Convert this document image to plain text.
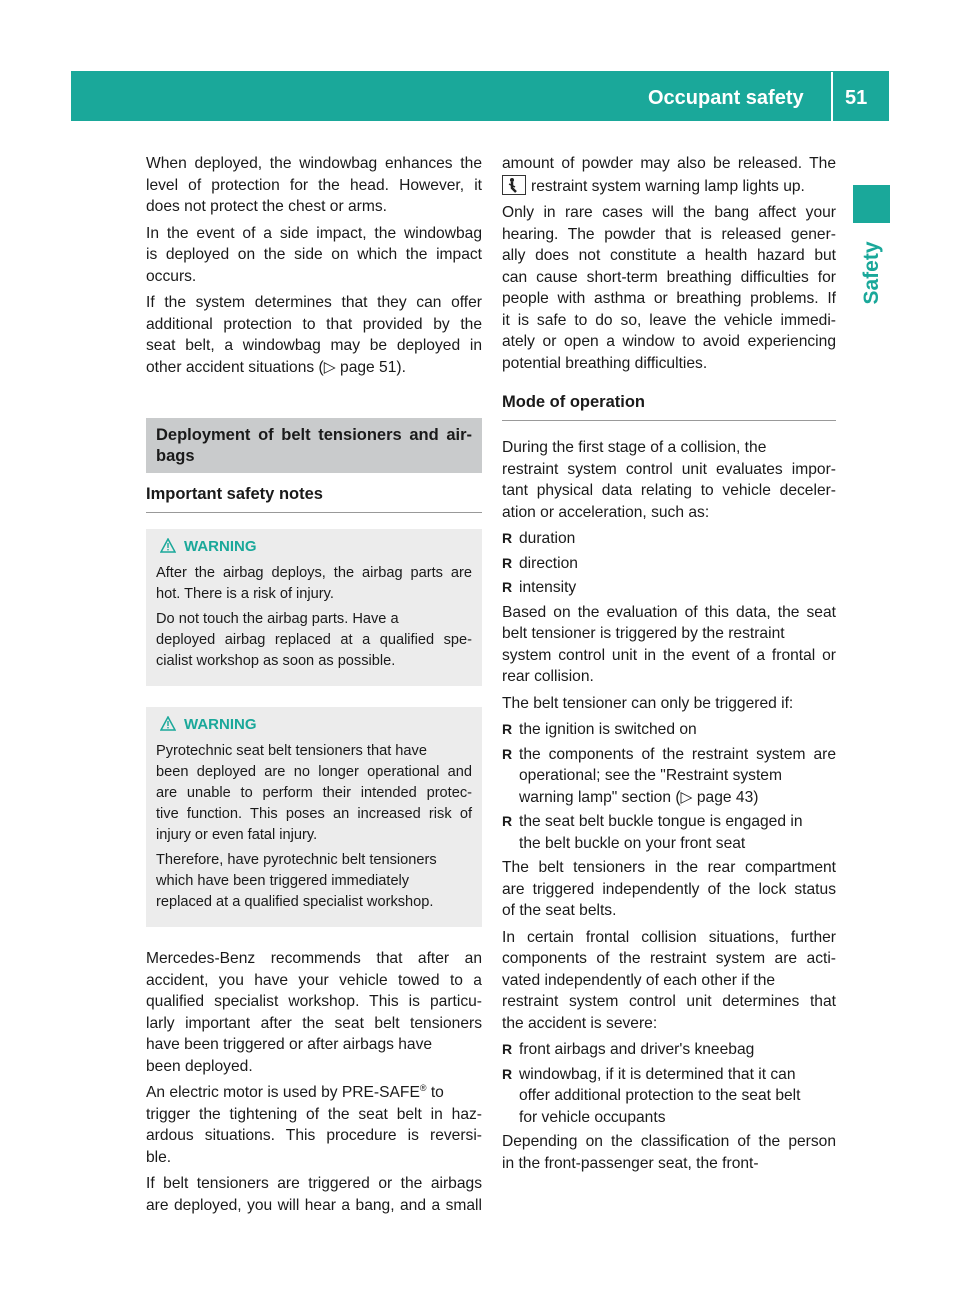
Occupant safety 51
Safety

When deployed, the windowbag enhances the
level of protection for the head. However, it
does not protect the chest or arms.

In the event of a side impact, the windowbag
is deployed on the side on which the impact
occurs.

If the system determines that they can offer
additional protection to that provided by the
seat belt, a windowbag may be deployed in
other accident situations (▷ page 51).

Deployment of belt tensioners and air-
bags
Important safety notes
WARNING

After the airbag deploys, the airbag parts are
hot. There is a risk of injury.

Do not touch the airbag parts. Have a
deployed airbag replaced at a qualified spe-
cialist workshop as soon as possible.

WARNING

Pyrotechnic seat belt tensioners that have
been deployed are no longer operational and
are unable to perform their intended protec-
tive function. This poses an increased risk of
injury or even fatal injury.

Therefore, have pyrotechnic belt tensioners
which have been triggered immediately
replaced at a qualified specialist workshop.

Mercedes-Benz recommends that after an
accident, you have your vehicle towed to a
qualified specialist workshop. This is particu-
larly important after the seat belt tensioners
have been triggered or after airbags have
been deployed.

An electric motor is used by PRE-SAFE® to
trigger the tightening of the seat belt in haz-
ardous situations. This procedure is reversi-
ble.

If belt tensioners are triggered or the airbags
are deployed, you will hear a bang, and a small

amount of powder may also be released. The
restraint system warning lamp lights up.

Only in rare cases will the bang affect your
hearing. The powder that is released gener-
ally does not constitute a health hazard but
can cause short-term breathing difficulties for
people with asthma or breathing problems. If
it is safe to do so, leave the vehicle immedi-
ately or open a window to avoid experiencing
potential breathing difficulties.

Mode of operation

During the first stage of a collision, the
restraint system control unit evaluates impor-
tant physical data relating to vehicle deceler-
ation or acceleration, such as:

R duration
R direction
R intensity

Based on the evaluation of this data, the seat
belt tensioner is triggered by the restraint
system control unit in the event of a frontal or
rear collision.

The belt tensioner can only be triggered if:

R the ignition is switched on
R the components of the restraint system are
operational; see the "Restraint system
warning lamp" section (▷ page 43)
R the seat belt buckle tongue is engaged in
the belt buckle on your front seat

The belt tensioners in the rear compartment
are triggered independently of the lock status
of the seat belts.

In certain frontal collision situations, further
components of the restraint system are acti-
vated independently of each other if the
restraint system control unit determines that
the accident is severe:

R front airbags and driver's kneebag
R windowbag, if it is determined that it can
offer additional protection to the seat belt
for vehicle occupants

Depending on the classification of the person
in the front-passenger seat, the front-
